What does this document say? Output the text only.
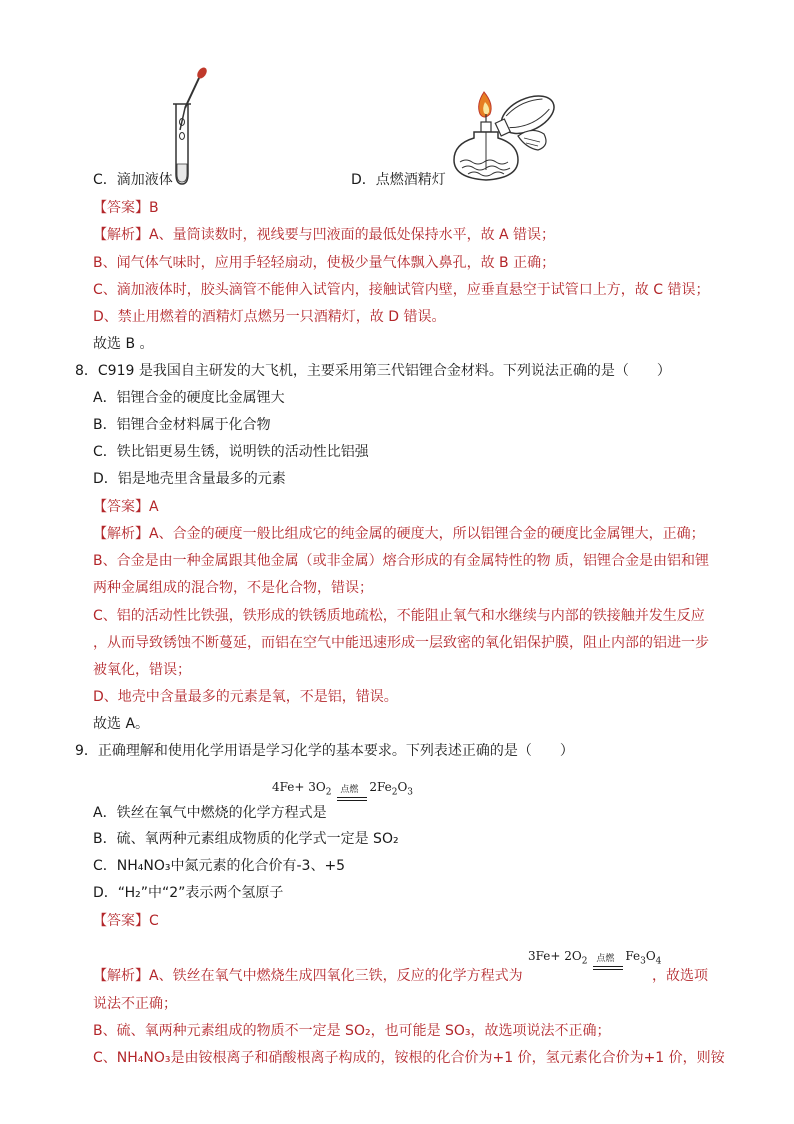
C．滴加液体	D．点燃酒精灯
【答案】B
【解析】A、量筒读数时，视线要与凹液面的最低处保持水平，故 A 错误；
B、闻气体气味时，应用手轻轻扇动，使极少量气体飘入鼻孔，故 B 正确；
C、滴加液体时，胶头滴管不能伸入试管内，接触试管内壁，应垂直悬空于试管口上方，故 C 错误；
D、禁止用燃着的酒精灯点燃另一只酒精灯，故 D 错误。
故选 B 。
8．C919 是我国自主研发的大飞机，主要采用第三代铝锂合金材料。下列说法正确的是（　　）
A．铝锂合金的硬度比金属锂大
B．铝锂合金材料属于化合物
C．铁比铝更易生锈，说明铁的活动性比铝强
D．铝是地壳里含量最多的元素
【答案】A
【解析】A、合金的硬度一般比组成它的纯金属的硬度大，所以铝锂合金的硬度比金属锂大，正确；
B、合金是由一种金属跟其他金属（或非金属）熔合形成的有金属特性的物 质，铝锂合金是由铝和锂
两种金属组成的混合物，不是化合物，错误；
C、铝的活动性比铁强，铁形成的铁锈质地疏松，不能阻止氧气和水继续与内部的铁接触并发生反应
，从而导致锈蚀不断蔓延，而铝在空气中能迅速形成一层致密的氧化铝保护膜，阻止内部的铝进一步
被氧化，错误；
D、地壳中含量最多的元素是氧，不是铝，错误。
故选 A。
9．正确理解和使用化学用语是学习化学的基本要求。下列表述正确的是（　　）
$4Fe+ 3O_2$ 点燃 $2Fe_2O_3$
A．铁丝在氧气中燃烧的化学方程式是
B．硫、氧两种元素组成物质的化学式一定是 SO₂
C．NH₄NO₃中氮元素的化合价有-3、+5
D．“H₂”中“2”表示两个氢原子
【答案】C
$3Fe+ 2O_2$ 点燃 $Fe_3O_4$
【解析】A、铁丝在氧气中燃烧生成四氧化三铁，反应的化学方程式为	，故选项
说法不正确；
B、硫、氧两种元素组成的物质不一定是 SO₂，也可能是 SO₃，故选项说法不正确；
C、NH₄NO₃是由铵根离子和硝酸根离子构成的，铵根的化合价为+1 价，氢元素化合价为+1 价，则铵
